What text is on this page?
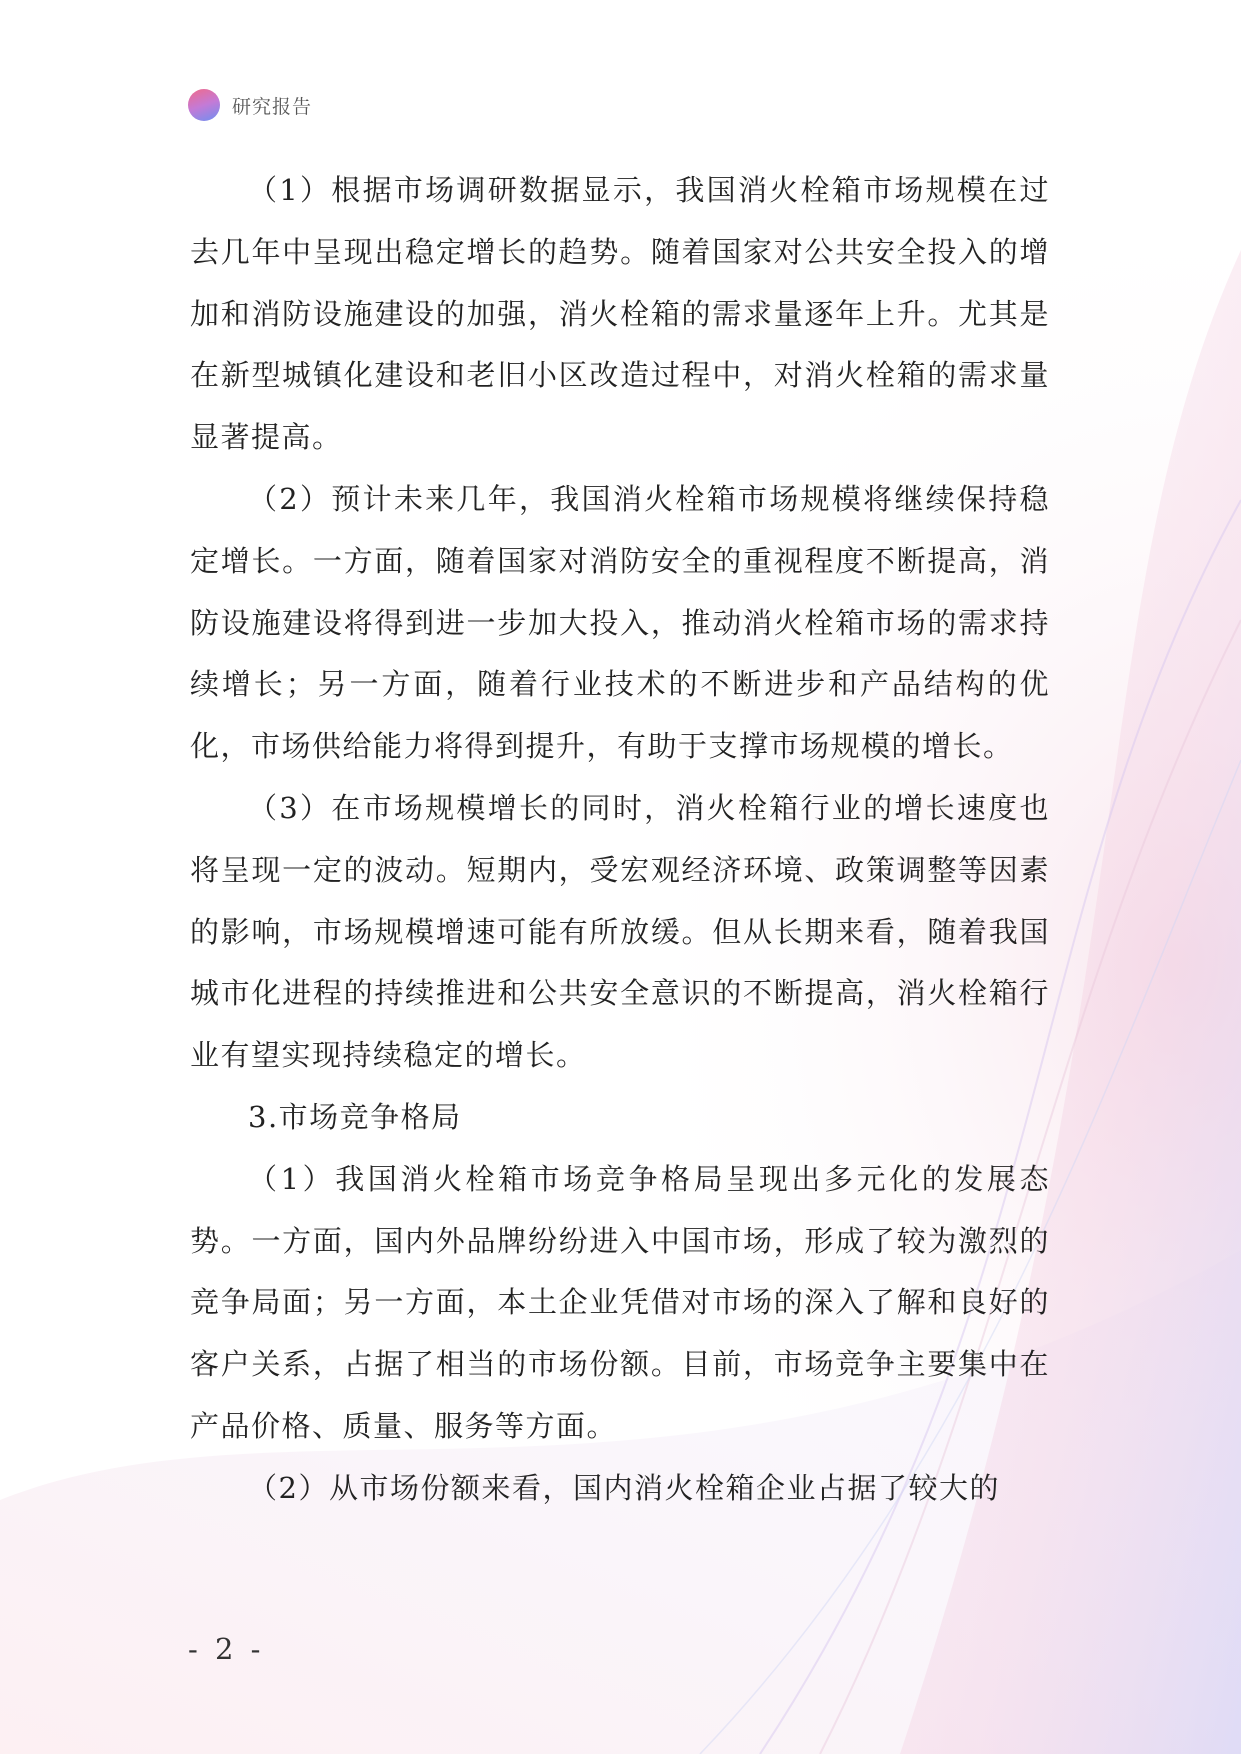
研究报告

（1）根据市场调研数据显示，我国消火栓箱市场规模在过去几年中呈现出稳定增长的趋势。随着国家对公共安全投入的增加和消防设施建设的加强，消火栓箱的需求量逐年上升。尤其是在新型城镇化建设和老旧小区改造过程中，对消火栓箱的需求量显著提高。

（2）预计未来几年，我国消火栓箱市场规模将继续保持稳定增长。一方面，随着国家对消防安全的重视程度不断提高，消防设施建设将得到进一步加大投入，推动消火栓箱市场的需求持续增长；另一方面，随着行业技术的不断进步和产品结构的优化，市场供给能力将得到提升，有助于支撑市场规模的增长。

（3）在市场规模增长的同时，消火栓箱行业的增长速度也将呈现一定的波动。短期内，受宏观经济环境、政策调整等因素的影响，市场规模增速可能有所放缓。但从长期来看，随着我国城市化进程的持续推进和公共安全意识的不断提高，消火栓箱行业有望实现持续稳定的增长。

3.市场竞争格局

（1）我国消火栓箱市场竞争格局呈现出多元化的发展态势。一方面，国内外品牌纷纷进入中国市场，形成了较为激烈的竞争局面；另一方面，本土企业凭借对市场的深入了解和良好的客户关系，占据了相当的市场份额。目前，市场竞争主要集中在产品价格、质量、服务等方面。

（2）从市场份额来看，国内消火栓箱企业占据了较大的

- 2 -
